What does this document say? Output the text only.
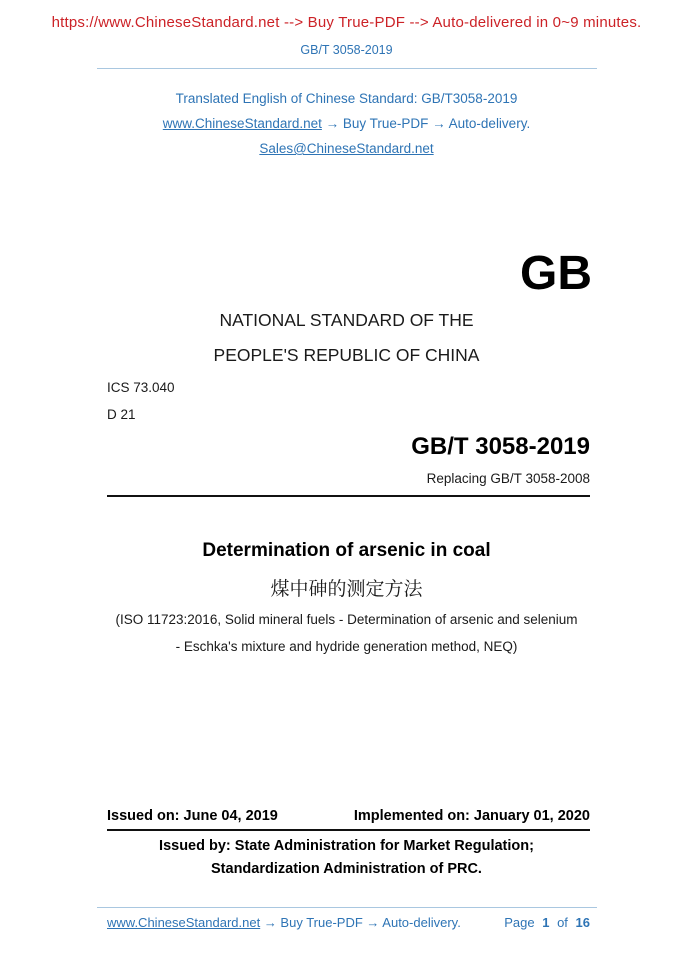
https://www.ChineseStandard.net --> Buy True-PDF --> Auto-delivered in 0~9 minutes.
GB/T 3058-2019
Translated English of Chinese Standard: GB/T3058-2019
www.ChineseStandard.net → Buy True-PDF → Auto-delivery.
Sales@ChineseStandard.net
GB
NATIONAL STANDARD OF THE
PEOPLE'S REPUBLIC OF CHINA
ICS 73.040
D 21
GB/T 3058-2019
Replacing GB/T 3058-2008
Determination of arsenic in coal
煤中砷的测定方法
(ISO 11723:2016, Solid mineral fuels - Determination of arsenic and selenium
- Eschka's mixture and hydride generation method, NEQ)
Issued on: June 04, 2019	Implemented on: January 01, 2020
Issued by: State Administration for Market Regulation;
Standardization Administration of PRC.
www.ChineseStandard.net → Buy True-PDF → Auto-delivery.	Page 1 of 16
